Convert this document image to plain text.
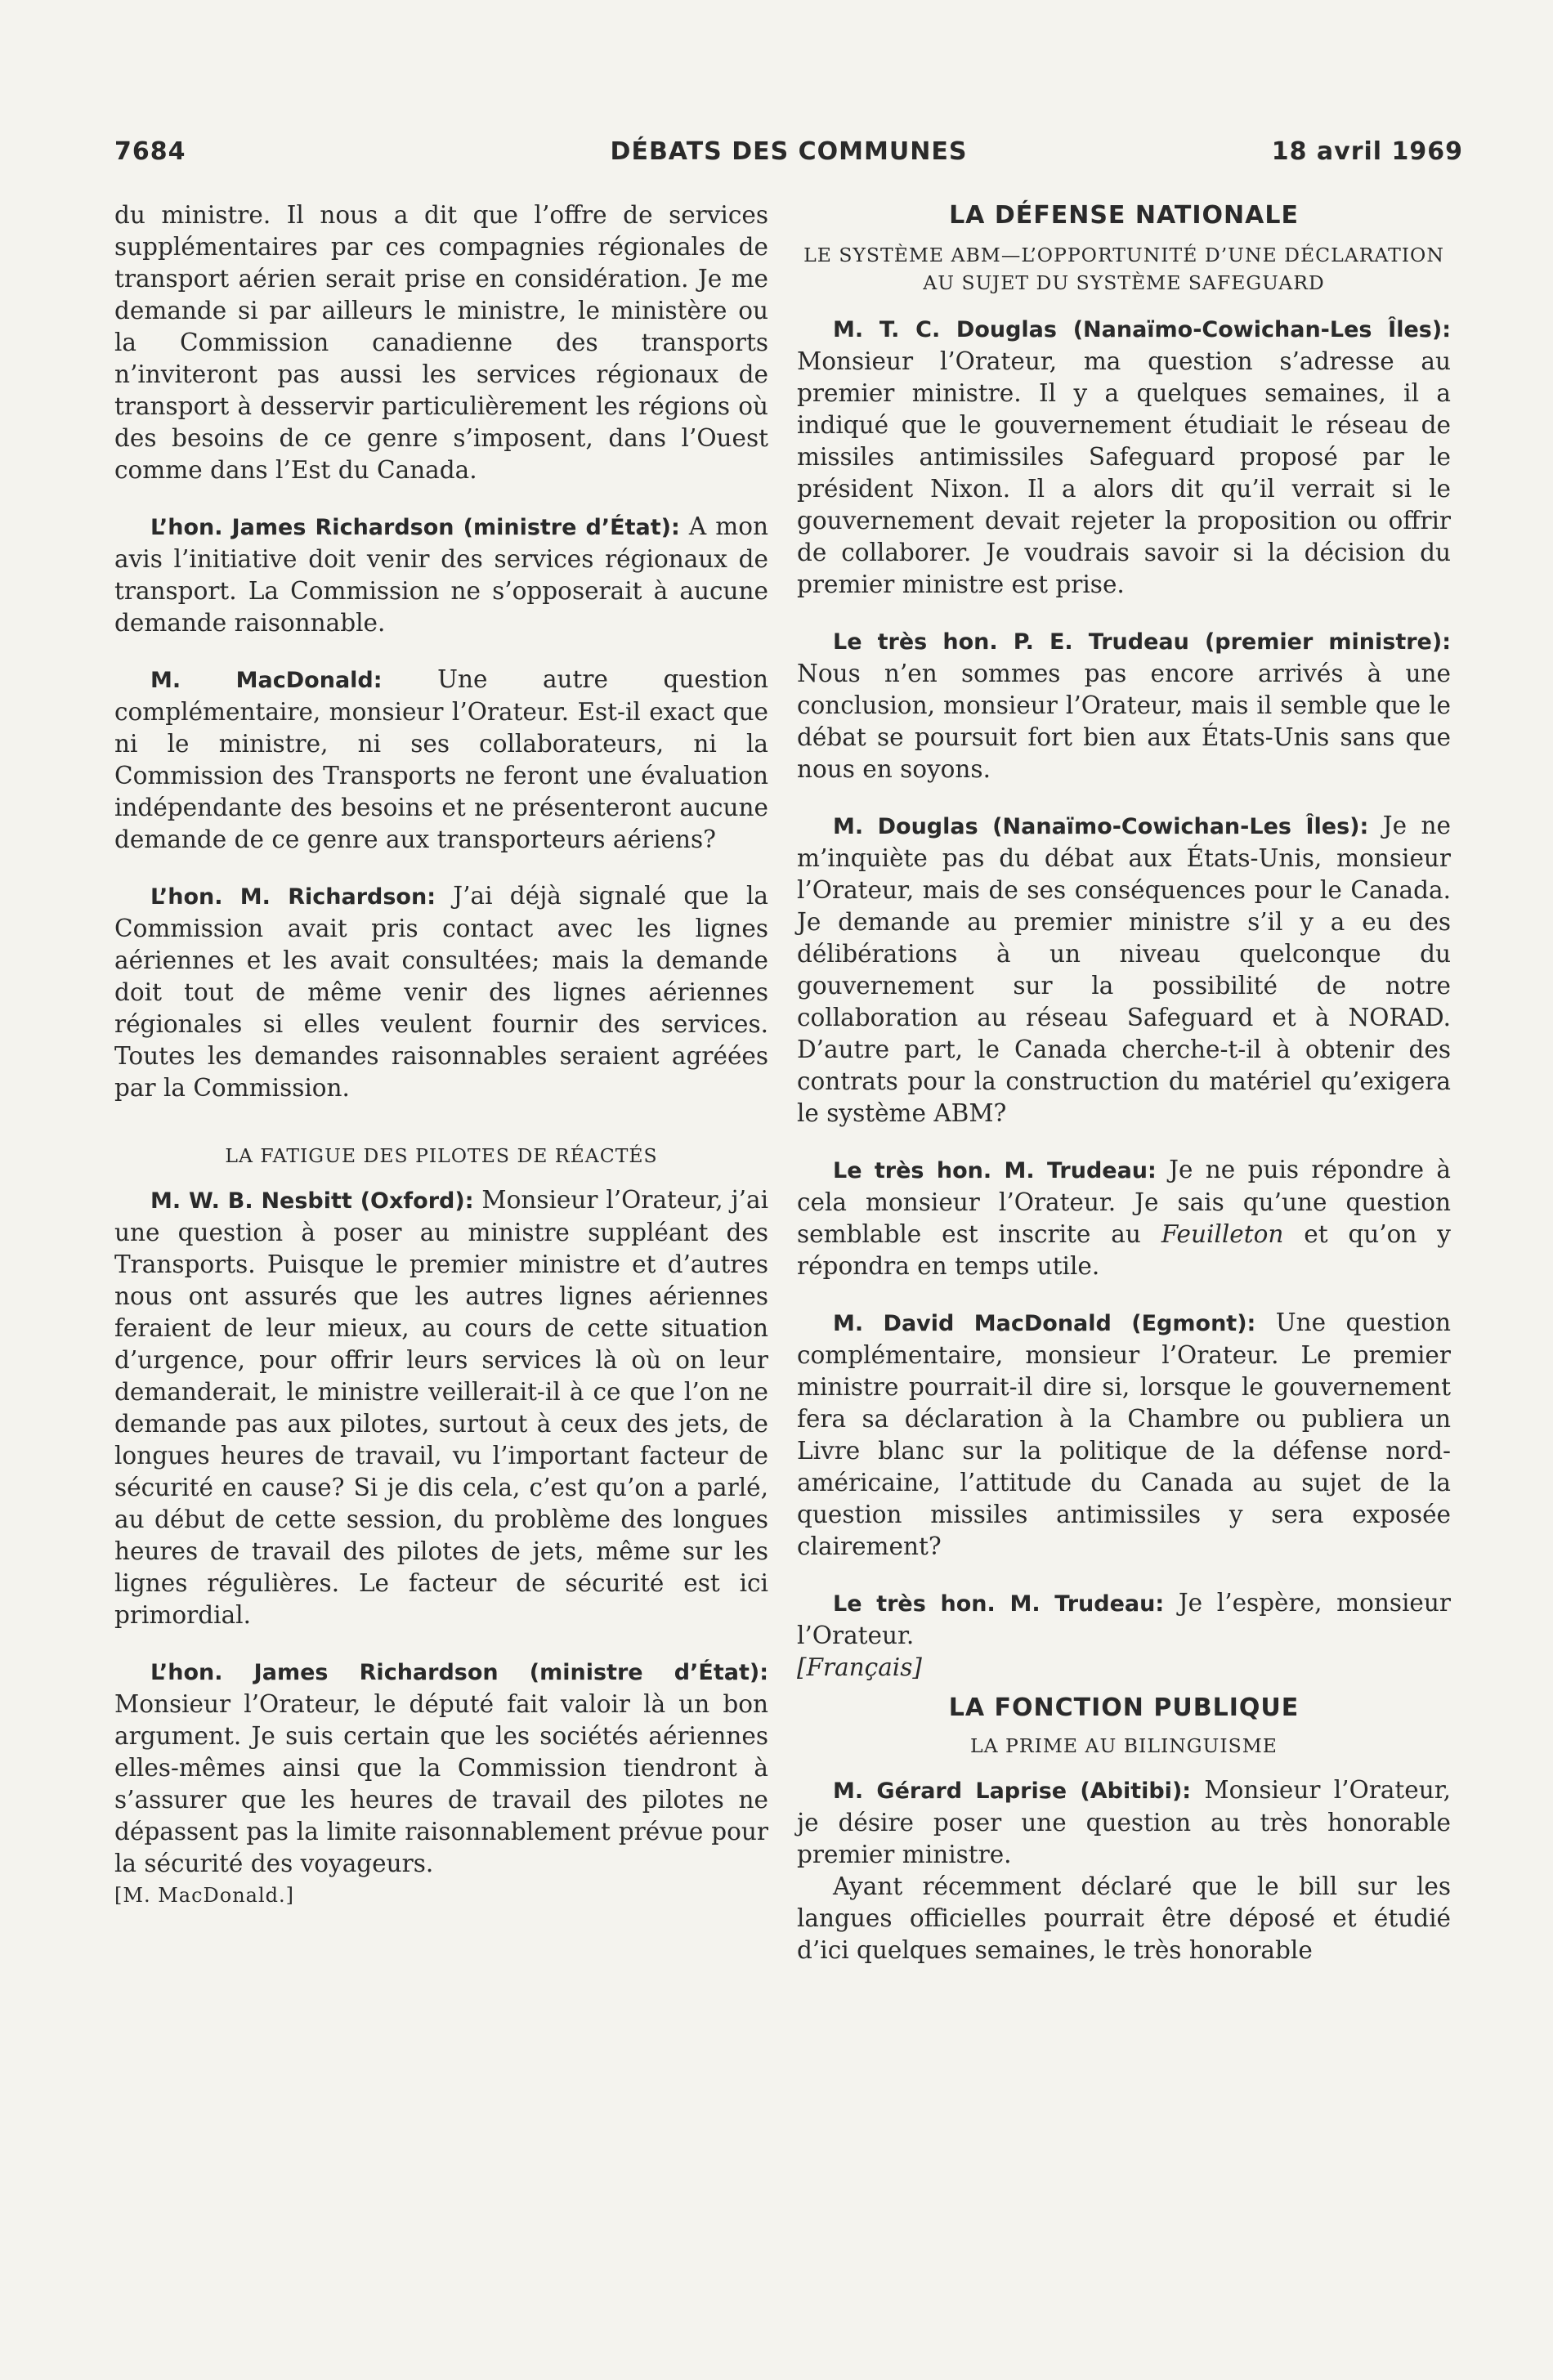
7684	DÉBATS DES COMMUNES	18 avril 1969

du ministre. Il nous a dit que l’offre de services supplémentaires par ces compagnies régionales de transport aérien serait prise en considération. Je me demande si par ailleurs le ministre, le ministère ou la Commission canadienne des transports n’inviteront pas aussi les services régionaux de transport à desservir particulièrement les régions où des besoins de ce genre s’imposent, dans l’Ouest comme dans l’Est du Canada.

L’hon. James Richardson (ministre d’État): A mon avis l’initiative doit venir des services régionaux de transport. La Commission ne s’opposerait à aucune demande raisonnable.

M. MacDonald: Une autre question complémentaire, monsieur l’Orateur. Est-il exact que ni le ministre, ni ses collaborateurs, ni la Commission des Transports ne feront une évaluation indépendante des besoins et ne présenteront aucune demande de ce genre aux transporteurs aériens?

L’hon. M. Richardson: J’ai déjà signalé que la Commission avait pris contact avec les lignes aériennes et les avait consultées; mais la demande doit tout de même venir des lignes aériennes régionales si elles veulent fournir des services. Toutes les demandes raisonnables seraient agréées par la Commission.

LA FATIGUE DES PILOTES DE RÉACTÉS

M. W. B. Nesbitt (Oxford): Monsieur l’Orateur, j’ai une question à poser au ministre suppléant des Transports. Puisque le premier ministre et d’autres nous ont assurés que les autres lignes aériennes feraient de leur mieux, au cours de cette situation d’urgence, pour offrir leurs services là où on leur demanderait, le ministre veillerait-il à ce que l’on ne demande pas aux pilotes, surtout à ceux des jets, de longues heures de travail, vu l’important facteur de sécurité en cause? Si je dis cela, c’est qu’on a parlé, au début de cette session, du problème des longues heures de travail des pilotes de jets, même sur les lignes régulières. Le facteur de sécurité est ici primordial.

L’hon. James Richardson (ministre d’État): Monsieur l’Orateur, le député fait valoir là un bon argument. Je suis certain que les sociétés aériennes elles-mêmes ainsi que la Commission tiendront à s’assurer que les heures de travail des pilotes ne dépassent pas la limite raisonnablement prévue pour la sécurité des voyageurs.

[M. MacDonald.]

LA DÉFENSE NATIONALE

LE SYSTÈME ABM—L’OPPORTUNITÉ D’UNE DÉCLARATION AU SUJET DU SYSTÈME SAFEGUARD

M. T. C. Douglas (Nanaïmo-Cowichan-Les Îles): Monsieur l’Orateur, ma question s’adresse au premier ministre. Il y a quelques semaines, il a indiqué que le gouvernement étudiait le réseau de missiles antimissiles Safeguard proposé par le président Nixon. Il a alors dit qu’il verrait si le gouvernement devait rejeter la proposition ou offrir de collaborer. Je voudrais savoir si la décision du premier ministre est prise.

Le très hon. P. E. Trudeau (premier ministre): Nous n’en sommes pas encore arrivés à une conclusion, monsieur l’Orateur, mais il semble que le débat se poursuit fort bien aux États-Unis sans que nous en soyons.

M. Douglas (Nanaïmo-Cowichan-Les Îles): Je ne m’inquiète pas du débat aux États-Unis, monsieur l’Orateur, mais de ses conséquences pour le Canada. Je demande au premier ministre s’il y a eu des délibérations à un niveau quelconque du gouvernement sur la possibilité de notre collaboration au réseau Safeguard et à NORAD. D’autre part, le Canada cherche-t-il à obtenir des contrats pour la construction du matériel qu’exigera le système ABM?

Le très hon. M. Trudeau: Je ne puis répondre à cela monsieur l’Orateur. Je sais qu’une question semblable est inscrite au Feuilleton et qu’on y répondra en temps utile.

M. David MacDonald (Egmont): Une question complémentaire, monsieur l’Orateur. Le premier ministre pourrait-il dire si, lorsque le gouvernement fera sa déclaration à la Chambre ou publiera un Livre blanc sur la politique de la défense nord-américaine, l’attitude du Canada au sujet de la question missiles antimissiles y sera exposée clairement?

Le très hon. M. Trudeau: Je l’espère, monsieur l’Orateur.

[Français]

LA FONCTION PUBLIQUE

LA PRIME AU BILINGUISME

M. Gérard Laprise (Abitibi): Monsieur l’Orateur, je désire poser une question au très honorable premier ministre.

Ayant récemment déclaré que le bill sur les langues officielles pourrait être déposé et étudié d’ici quelques semaines, le très honorable
